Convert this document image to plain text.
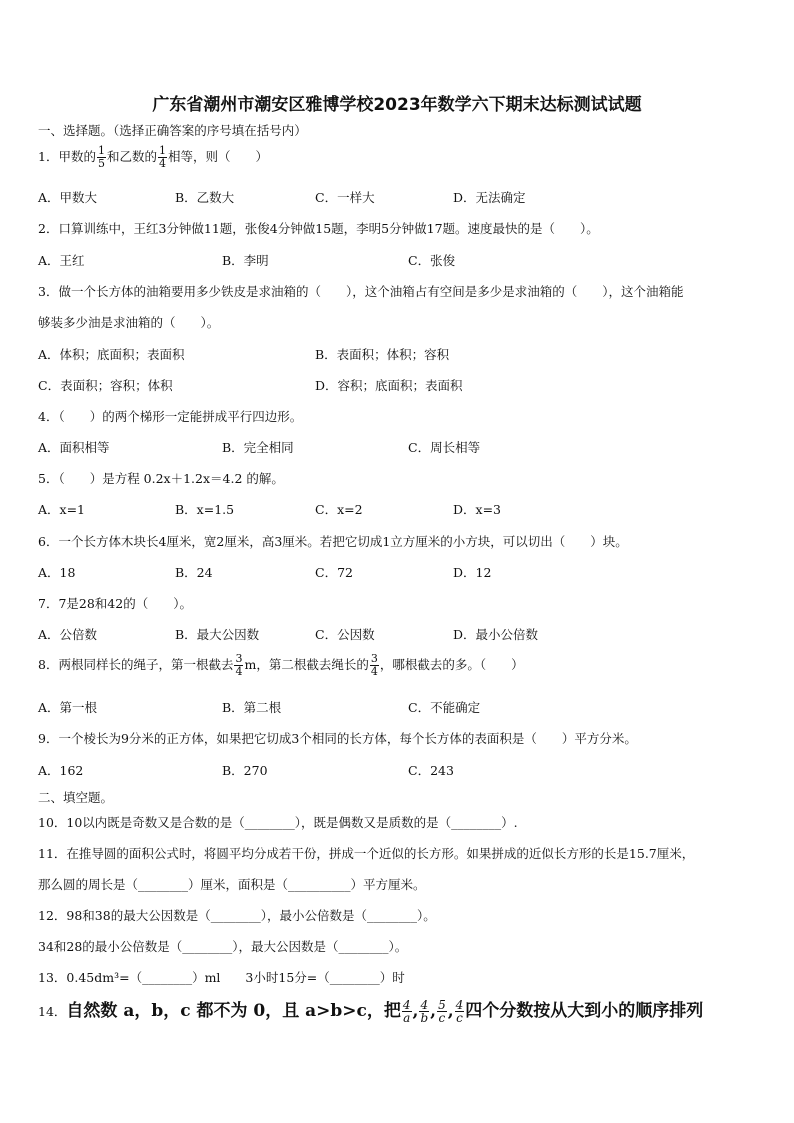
广东省潮州市潮安区雅博学校2023年数学六下期末达标测试试题
一、选择题。（选择正确答案的序号填在括号内）
1．甲数的 $\frac{1}{5}$ 和乙数的 $\frac{1}{4}$ 相等，则（　　）
A．甲数大	B．乙数大	C．一样大	D．无法确定
2．口算训练中，王红3分钟做11题，张俊4分钟做15题，李明5分钟做17题。速度最快的是（　　）。
A．王红	B．李明	C．张俊
3．做一个长方体的油箱要用多少铁皮是求油箱的（　　），这个油箱占有空间是多少是求油箱的（　　），这个油箱能
够装多少油是求油箱的（　　）。
A．体积；底面积；表面积	B．表面积；体积；容积
C．表面积；容积；体积	D．容积；底面积；表面积
4．（　　）的两个梯形一定能拼成平行四边形。
A．面积相等	B．完全相同	C．周长相等
5．（　　）是方程 0.2x＋1.2x＝4.2 的解。
A．x=1	B．x=1.5	C．x=2	D．x=3
6．一个长方体木块长4厘米，宽2厘米，高3厘米。若把它切成1立方厘米的小方块，可以切出（　　）块。
A．18	B．24	C．72	D．12
7．7是28和42的（　　）。
A．公倍数	B．最大公因数	C．公因数	D．最小公倍数
8．两根同样长的绳子，第一根截去 $\frac{3}{4}$ m，第二根截去绳长的 $\frac{3}{4}$ ，哪根截去的多。（　　）
A．第一根	B．第二根	C．不能确定
9．一个棱长为9分米的正方体，如果把它切成3个相同的长方体，每个长方体的表面积是（　　）平方分米。
A．162	B．270	C．243
二、填空题。
10．10以内既是奇数又是合数的是（________），既是偶数又是质数的是（________）.
11．在推导圆的面积公式时，将圆平均分成若干份，拼成一个近似的长方形。如果拼成的近似长方形的长是15.7厘米，
那么圆的周长是（________）厘米，面积是（__________）平方厘米。
12．98和38的最大公因数是（________），最小公倍数是（________）。
34和28的最小公倍数是（________），最大公因数是（________）。
13．0.45dm³=（________）ml　　3小时15分=（________）时
14．自然数 a，b，c 都不为 0，且 a>b>c，把 $\frac{4}{a}$ , $\frac{4}{b}$ , $\frac{5}{c}$ , $\frac{4}{c}$ 四个分数按从大到小的顺序排列
